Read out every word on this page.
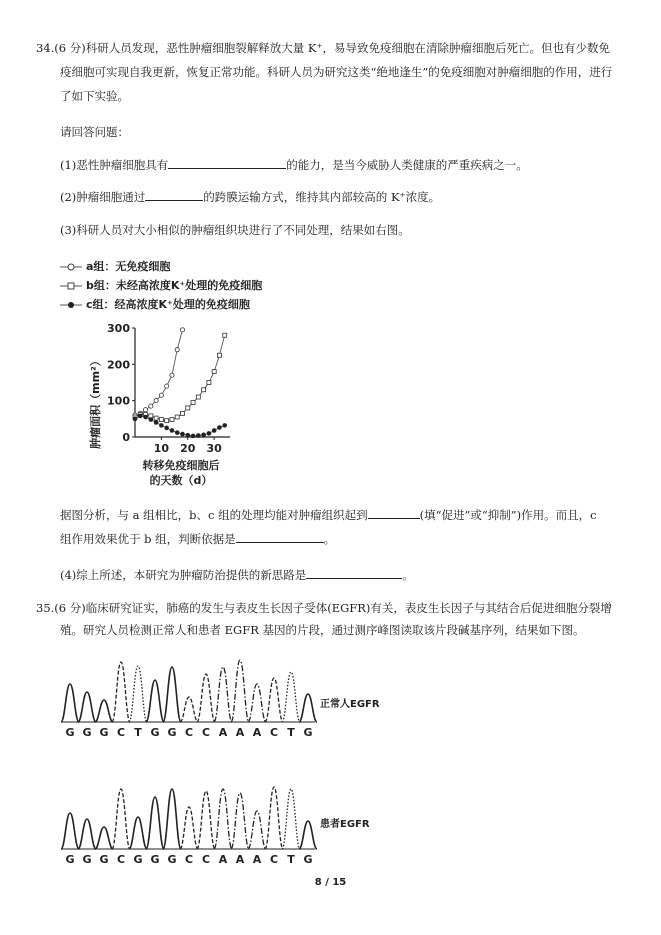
34.(6 分)科研人员发现，恶性肿瘤细胞裂解释放大量 K⁺，易导致免疫细胞在清除肿瘤细胞后死亡。但也有少数免
疫细胞可实现自我更新，恢复正常功能。科研人员为研究这类“绝地逢生”的免疫细胞对肿瘤细胞的作用，进行
了如下实验。
请回答问题：
(1)恶性肿瘤细胞具有	的能力，是当今威胁人类健康的严重疾病之一。
(2)肿瘤细胞通过	的跨膜运输方式，维持其内部较高的 K⁺浓度。
(3)科研人员对大小相似的肿瘤组织块进行了不同处理，结果如右图。
a组：无免疫细胞
b组：未经高浓度K⁺处理的免疫细胞
c组：经高浓度K⁺处理的免疫细胞
肿瘤面积（mm²） 0
100
200
300
10 20 30
转移免疫细胞后
的天数（d）
据图分析，与 a 组相比，b、c 组的处理均能对肿瘤组织起到	(填“促进”或“抑制”)作用。而且，c
组作用效果优于 b 组，判断依据是	。
(4)综上所述，本研究为肿瘤防治提供的新思路是	。
35.(6 分)临床研究证实，肺癌的发生与表皮生长因子受体(EGFR)有关，表皮生长因子与其结合后促进细胞分裂增
殖。研究人员检测正常人和患者 EGFR 基因的片段，通过测序峰图读取该片段碱基序列，结果如下图。
G G G C T G G C C A A A C T G
正常人EGFR
G G G C G G G C C A A A C T G
患者EGFR
8 / 15
